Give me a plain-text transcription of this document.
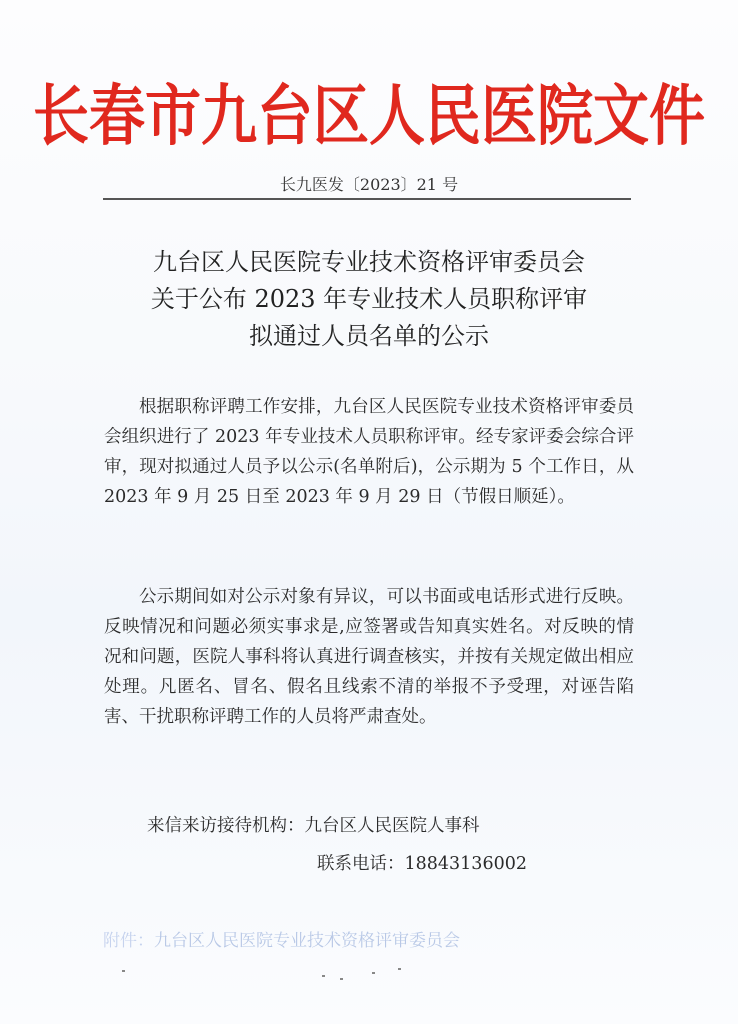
长春市九台区人民医院文件
长九医发〔2023〕21 号
九台区人民医院专业技术资格评审委员会
关于公布 2023 年专业技术人员职称评审
拟通过人员名单的公示
根据职称评聘工作安排，九台区人民医院专业技术资格评审委员会组织进行了 2023 年专业技术人员职称评审。经专家评委会综合评审，现对拟通过人员予以公示(名单附后)，公示期为 5 个工作日，从 2023 年 9 月 25 日至 2023 年 9 月 29 日（节假日顺延）。
公示期间如对公示对象有异议，可以书面或电话形式进行反映。反映情况和问题必须实事求是,应签署或告知真实姓名。对反映的情况和问题，医院人事科将认真进行调查核实，并按有关规定做出相应处理。凡匿名、冒名、假名且线索不清的举报不予受理，对诬告陷害、干扰职称评聘工作的人员将严肃查处。
来信来访接待机构：九台区人民医院人事科
联系电话：18843136002
附件：九台区人民医院专业技术资格评审委员会
